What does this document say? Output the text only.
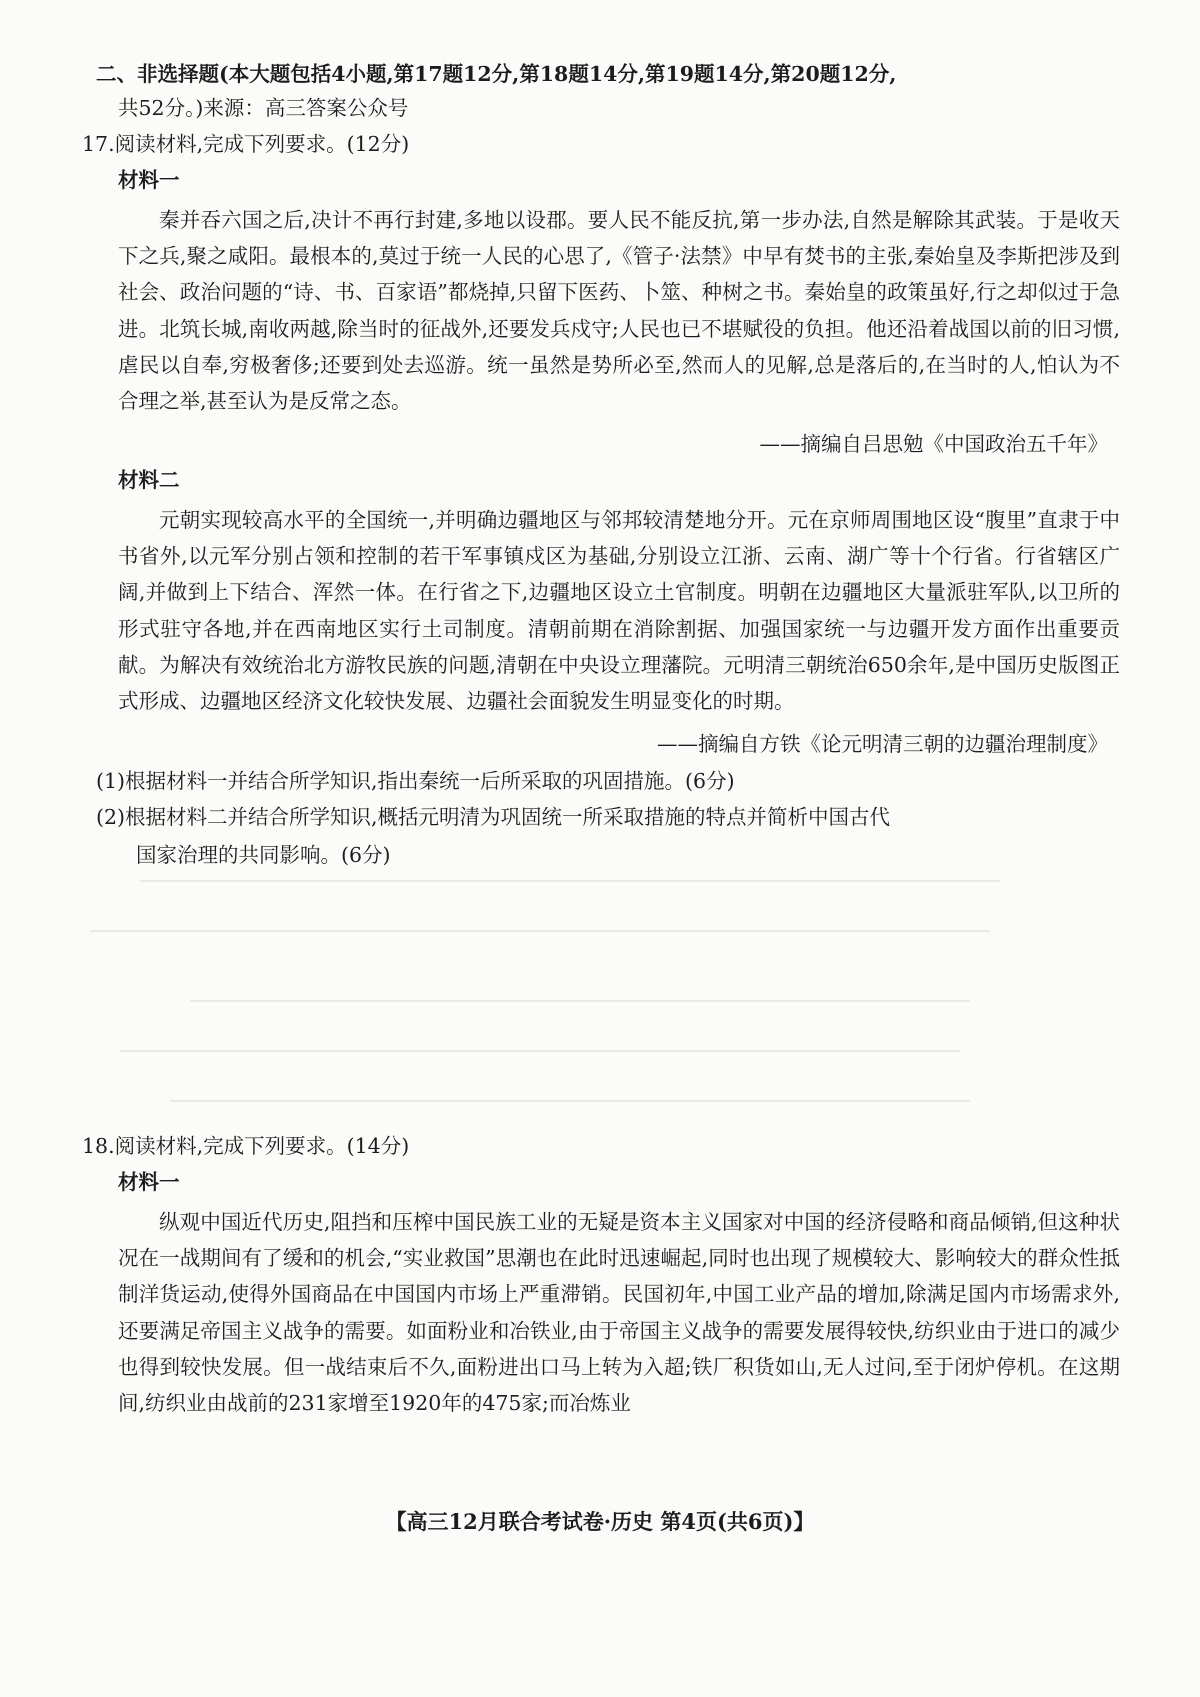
二、非选择题(本大题包括4小题,第17题12分,第18题14分,第19题14分,第20题12分,
共52分。)来源：高三答案公众号
17.阅读材料,完成下列要求。(12分)
材料一
秦并吞六国之后,决计不再行封建,多地以设郡。要人民不能反抗,第一步办法,自然是解除其武装。于是收天下之兵,聚之咸阳。最根本的,莫过于统一人民的心思了,《管子·法禁》中早有焚书的主张,秦始皇及李斯把涉及到社会、政治问题的“诗、书、百家语”都烧掉,只留下医药、卜筮、种树之书。秦始皇的政策虽好,行之却似过于急进。北筑长城,南收两越,除当时的征战外,还要发兵戍守;人民也已不堪赋役的负担。他还沿着战国以前的旧习惯,虐民以自奉,穷极奢侈;还要到处去巡游。统一虽然是势所必至,然而人的见解,总是落后的,在当时的人,怕认为不合理之举,甚至认为是反常之态。
——摘编自吕思勉《中国政治五千年》
材料二
元朝实现较高水平的全国统一,并明确边疆地区与邻邦较清楚地分开。元在京师周围地区设“腹里”直隶于中书省外,以元军分别占领和控制的若干军事镇戍区为基础,分别设立江浙、云南、湖广等十个行省。行省辖区广阔,并做到上下结合、浑然一体。在行省之下,边疆地区设立土官制度。明朝在边疆地区大量派驻军队,以卫所的形式驻守各地,并在西南地区实行土司制度。清朝前期在消除割据、加强国家统一与边疆开发方面作出重要贡献。为解决有效统治北方游牧民族的问题,清朝在中央设立理藩院。元明清三朝统治650余年,是中国历史版图正式形成、边疆地区经济文化较快发展、边疆社会面貌发生明显变化的时期。
——摘编自方铁《论元明清三朝的边疆治理制度》
(1)根据材料一并结合所学知识,指出秦统一后所采取的巩固措施。(6分)
(2)根据材料二并结合所学知识,概括元明清为巩固统一所采取措施的特点并简析中国古代
国家治理的共同影响。(6分)
18.阅读材料,完成下列要求。(14分)
材料一
纵观中国近代历史,阻挡和压榨中国民族工业的无疑是资本主义国家对中国的经济侵略和商品倾销,但这种状况在一战期间有了缓和的机会,“实业救国”思潮也在此时迅速崛起,同时也出现了规模较大、影响较大的群众性抵制洋货运动,使得外国商品在中国国内市场上严重滞销。民国初年,中国工业产品的增加,除满足国内市场需求外,还要满足帝国主义战争的需要。如面粉业和冶铁业,由于帝国主义战争的需要发展得较快,纺织业由于进口的减少也得到较快发展。但一战结束后不久,面粉进出口马上转为入超;铁厂积货如山,无人过问,至于闭炉停机。在这期间,纺织业由战前的231家增至1920年的475家;而冶炼业
【高三12月联合考试卷·历史 第4页(共6页)】
